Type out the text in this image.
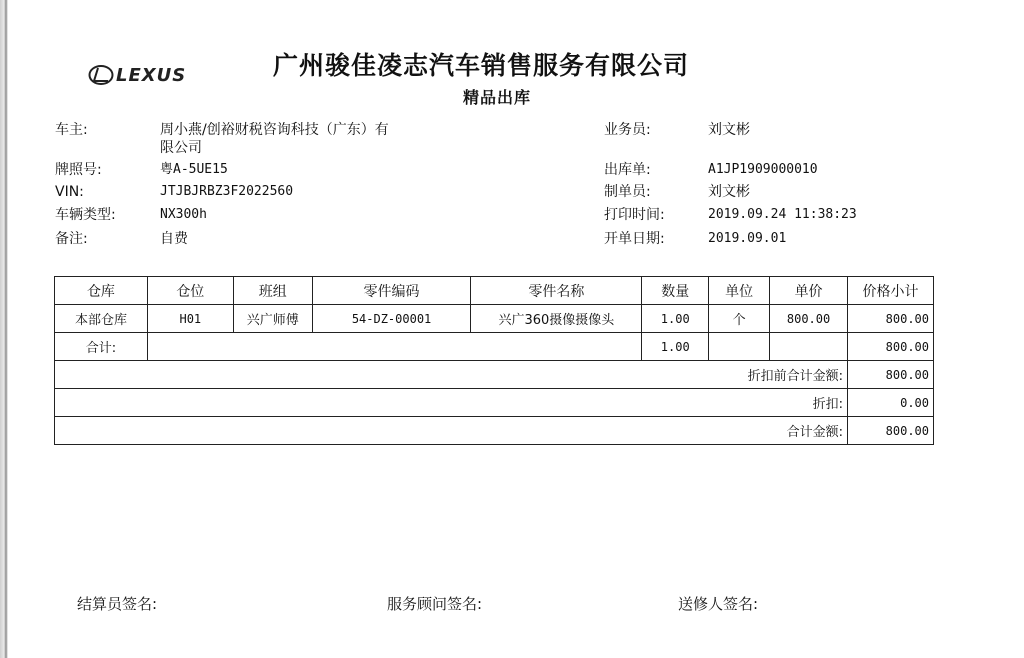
LEXUS	广州骏佳凌志汽车销售服务有限公司
精品出库
车主:	周小燕/创裕财税咨询科技（广东）有限公司
牌照号:	粤A-5UE15
VIN:	JTJBJRBZ3F2022560
车辆类型:	NX300h
备注:	自费
业务员:	刘文彬
出库单:	A1JP1909000010
制单员:	刘文彬
打印时间:	2019.09.24 11:38:23
开单日期:	2019.09.01
仓库	仓位	班组	零件编码	零件名称	数量	单位	单价	价格小计
本部仓库	H01	兴广师傅	54-DZ-00001	兴广360摄像摄像头	1.00	个	800.00	800.00
合计:					1.00			800.00
折扣前合计金额:								800.00
折扣:								0.00
合计金额:								800.00
结算员签名:	服务顾问签名:	送修人签名:
